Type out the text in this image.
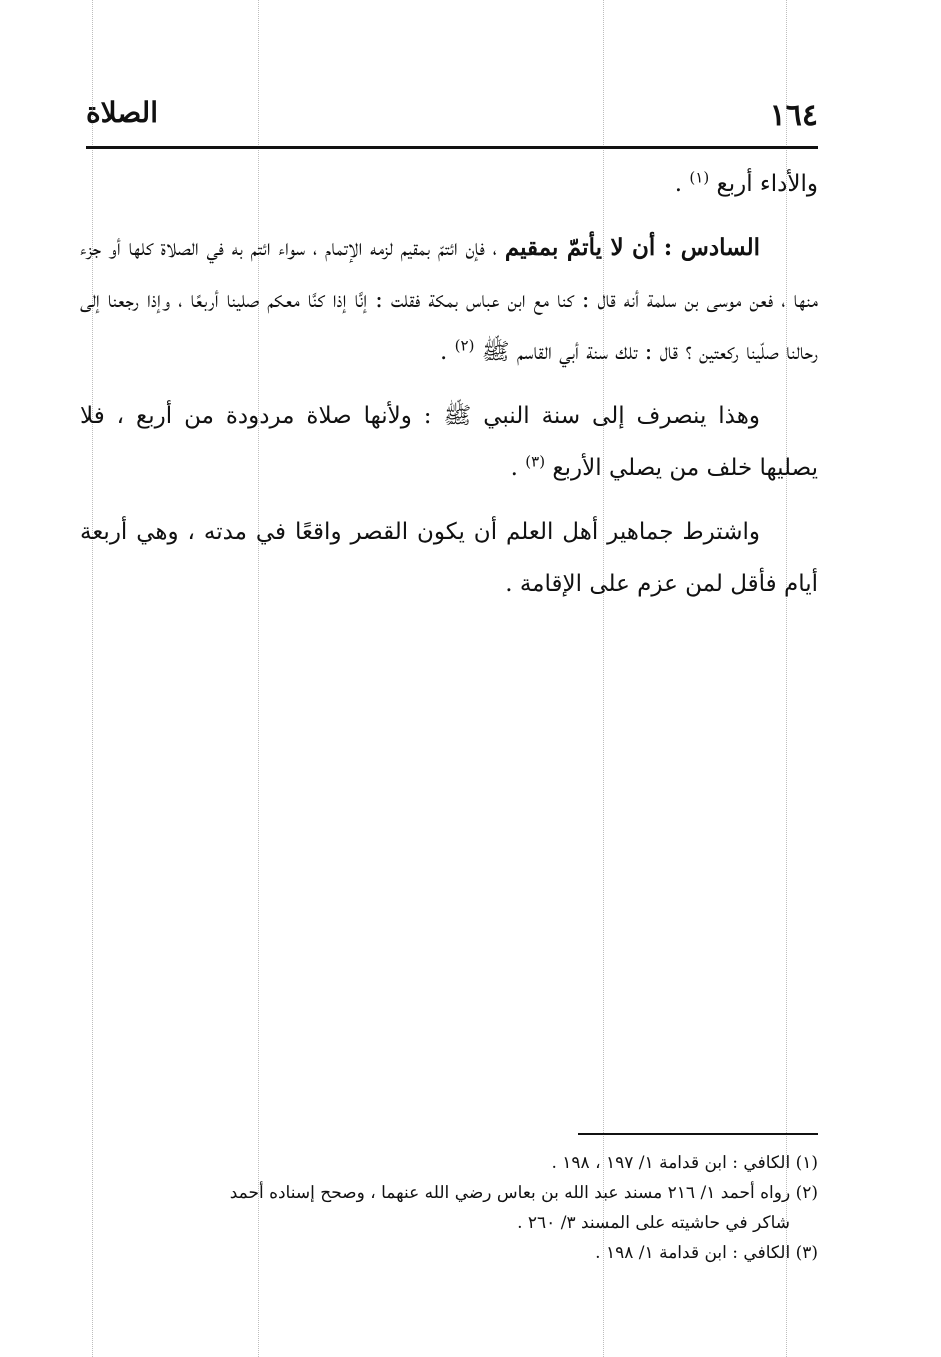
١٦٤
الصلاة

والأداء أربع $^{(١)}$ .

السادس : أن لا يأتمّ بمقيم ، فإن ائتمّ بمقيم لزمه الإتمام ، سواء ائتم به في الصلاة كلها أو جزء منها ، فعن موسى بن سلمة أنه قال : كنا مع ابن عباس بمكة فقلت : إنَّا إذا كنَّا معكم صلينا أربعًا ، وإذا رجعنا إلى رحالنا صلّينا ركعتين ؟ قال : تلك سنة أبي القاسم ﷺ $^{(٢)}$ .

وهذا ينصرف إلى سنة النبي ﷺ : ولأنها صلاة مردودة من أربع ، فلا يصليها خلف من يصلي الأربع $^{(٣)}$ .

واشترط جماهير أهل العلم أن يكون القصر واقعًا في مدته ، وهي أربعة أيام فأقل لمن عزم على الإقامة .

(١) الكافي : ابن قدامة ١/ ١٩٧ ، ١٩٨ .

(٢) رواه أحمد ١/ ٢١٦ مسند عبد الله بن بعاس رضي الله عنهما ، وصحح إسناده أحمد

شاكر في حاشيته على المسند ٣/ ٢٦٠ .

(٣) الكافي : ابن قدامة ١/ ١٩٨ .
